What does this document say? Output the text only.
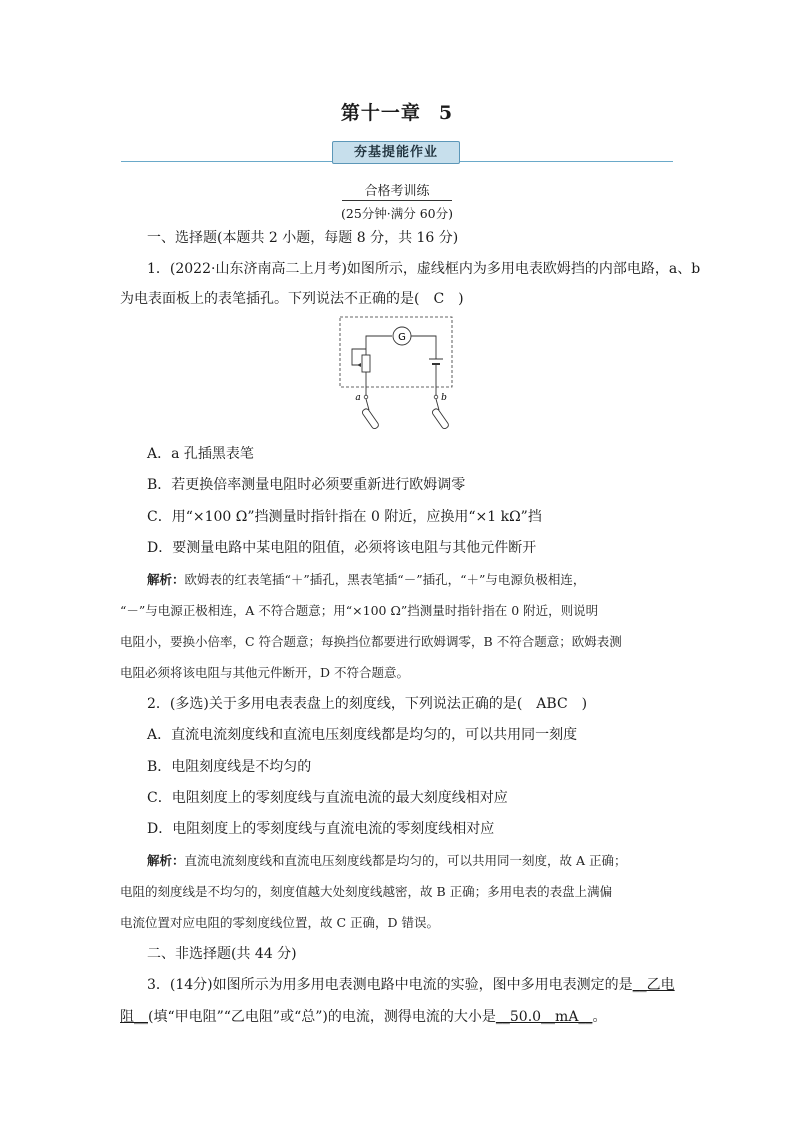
第十一章 5
夯基提能作业
合格考训练
(25分钟·满分 60分)
一、选择题(本题共 2 小题，每题 8 分，共 16 分)
1．(2022·山东济南高二上月考)如图所示，虚线框内为多用电表欧姆挡的内部电路，a、b
为电表面板上的表笔插孔。下列说法不正确的是(　C　)
G
a	b
A．a 孔插黑表笔
B．若更换倍率测量电阻时必须要重新进行欧姆调零
C．用“×100 Ω”挡测量时指针指在 0 附近，应换用“×1 kΩ”挡
D．要测量电路中某电阻的阻值，必须将该电阻与其他元件断开
解析：欧姆表的红表笔插“＋”插孔，黑表笔插“－”插孔，“＋”与电源负极相连，
“－”与电源正极相连，A 不符合题意；用“×100 Ω”挡测量时指针指在 0 附近，则说明
电阻小，要换小倍率，C 符合题意；每换挡位都要进行欧姆调零，B 不符合题意；欧姆表测
电阻必须将该电阻与其他元件断开，D 不符合题意。
2．(多选)关于多用电表表盘上的刻度线，下列说法正确的是(　ABC　)
A．直流电流刻度线和直流电压刻度线都是均匀的，可以共用同一刻度
B．电阻刻度线是不均匀的
C．电阻刻度上的零刻度线与直流电流的最大刻度线相对应
D．电阻刻度上的零刻度线与直流电流的零刻度线相对应
解析：直流电流刻度线和直流电压刻度线都是均匀的，可以共用同一刻度，故 A 正确；
电阻的刻度线是不均匀的，刻度值越大处刻度线越密，故 B 正确；多用电表的表盘上满偏
电流位置对应电阻的零刻度线位置，故 C 正确，D 错误。
二、非选择题(共 44 分)
3．(14分)如图所示为用多用电表测电路中电流的实验，图中多用电表测定的是__乙电
阻__(填“甲电阻”“乙电阻”或“总”)的电流，测得电流的大小是__50.0__mA__。
